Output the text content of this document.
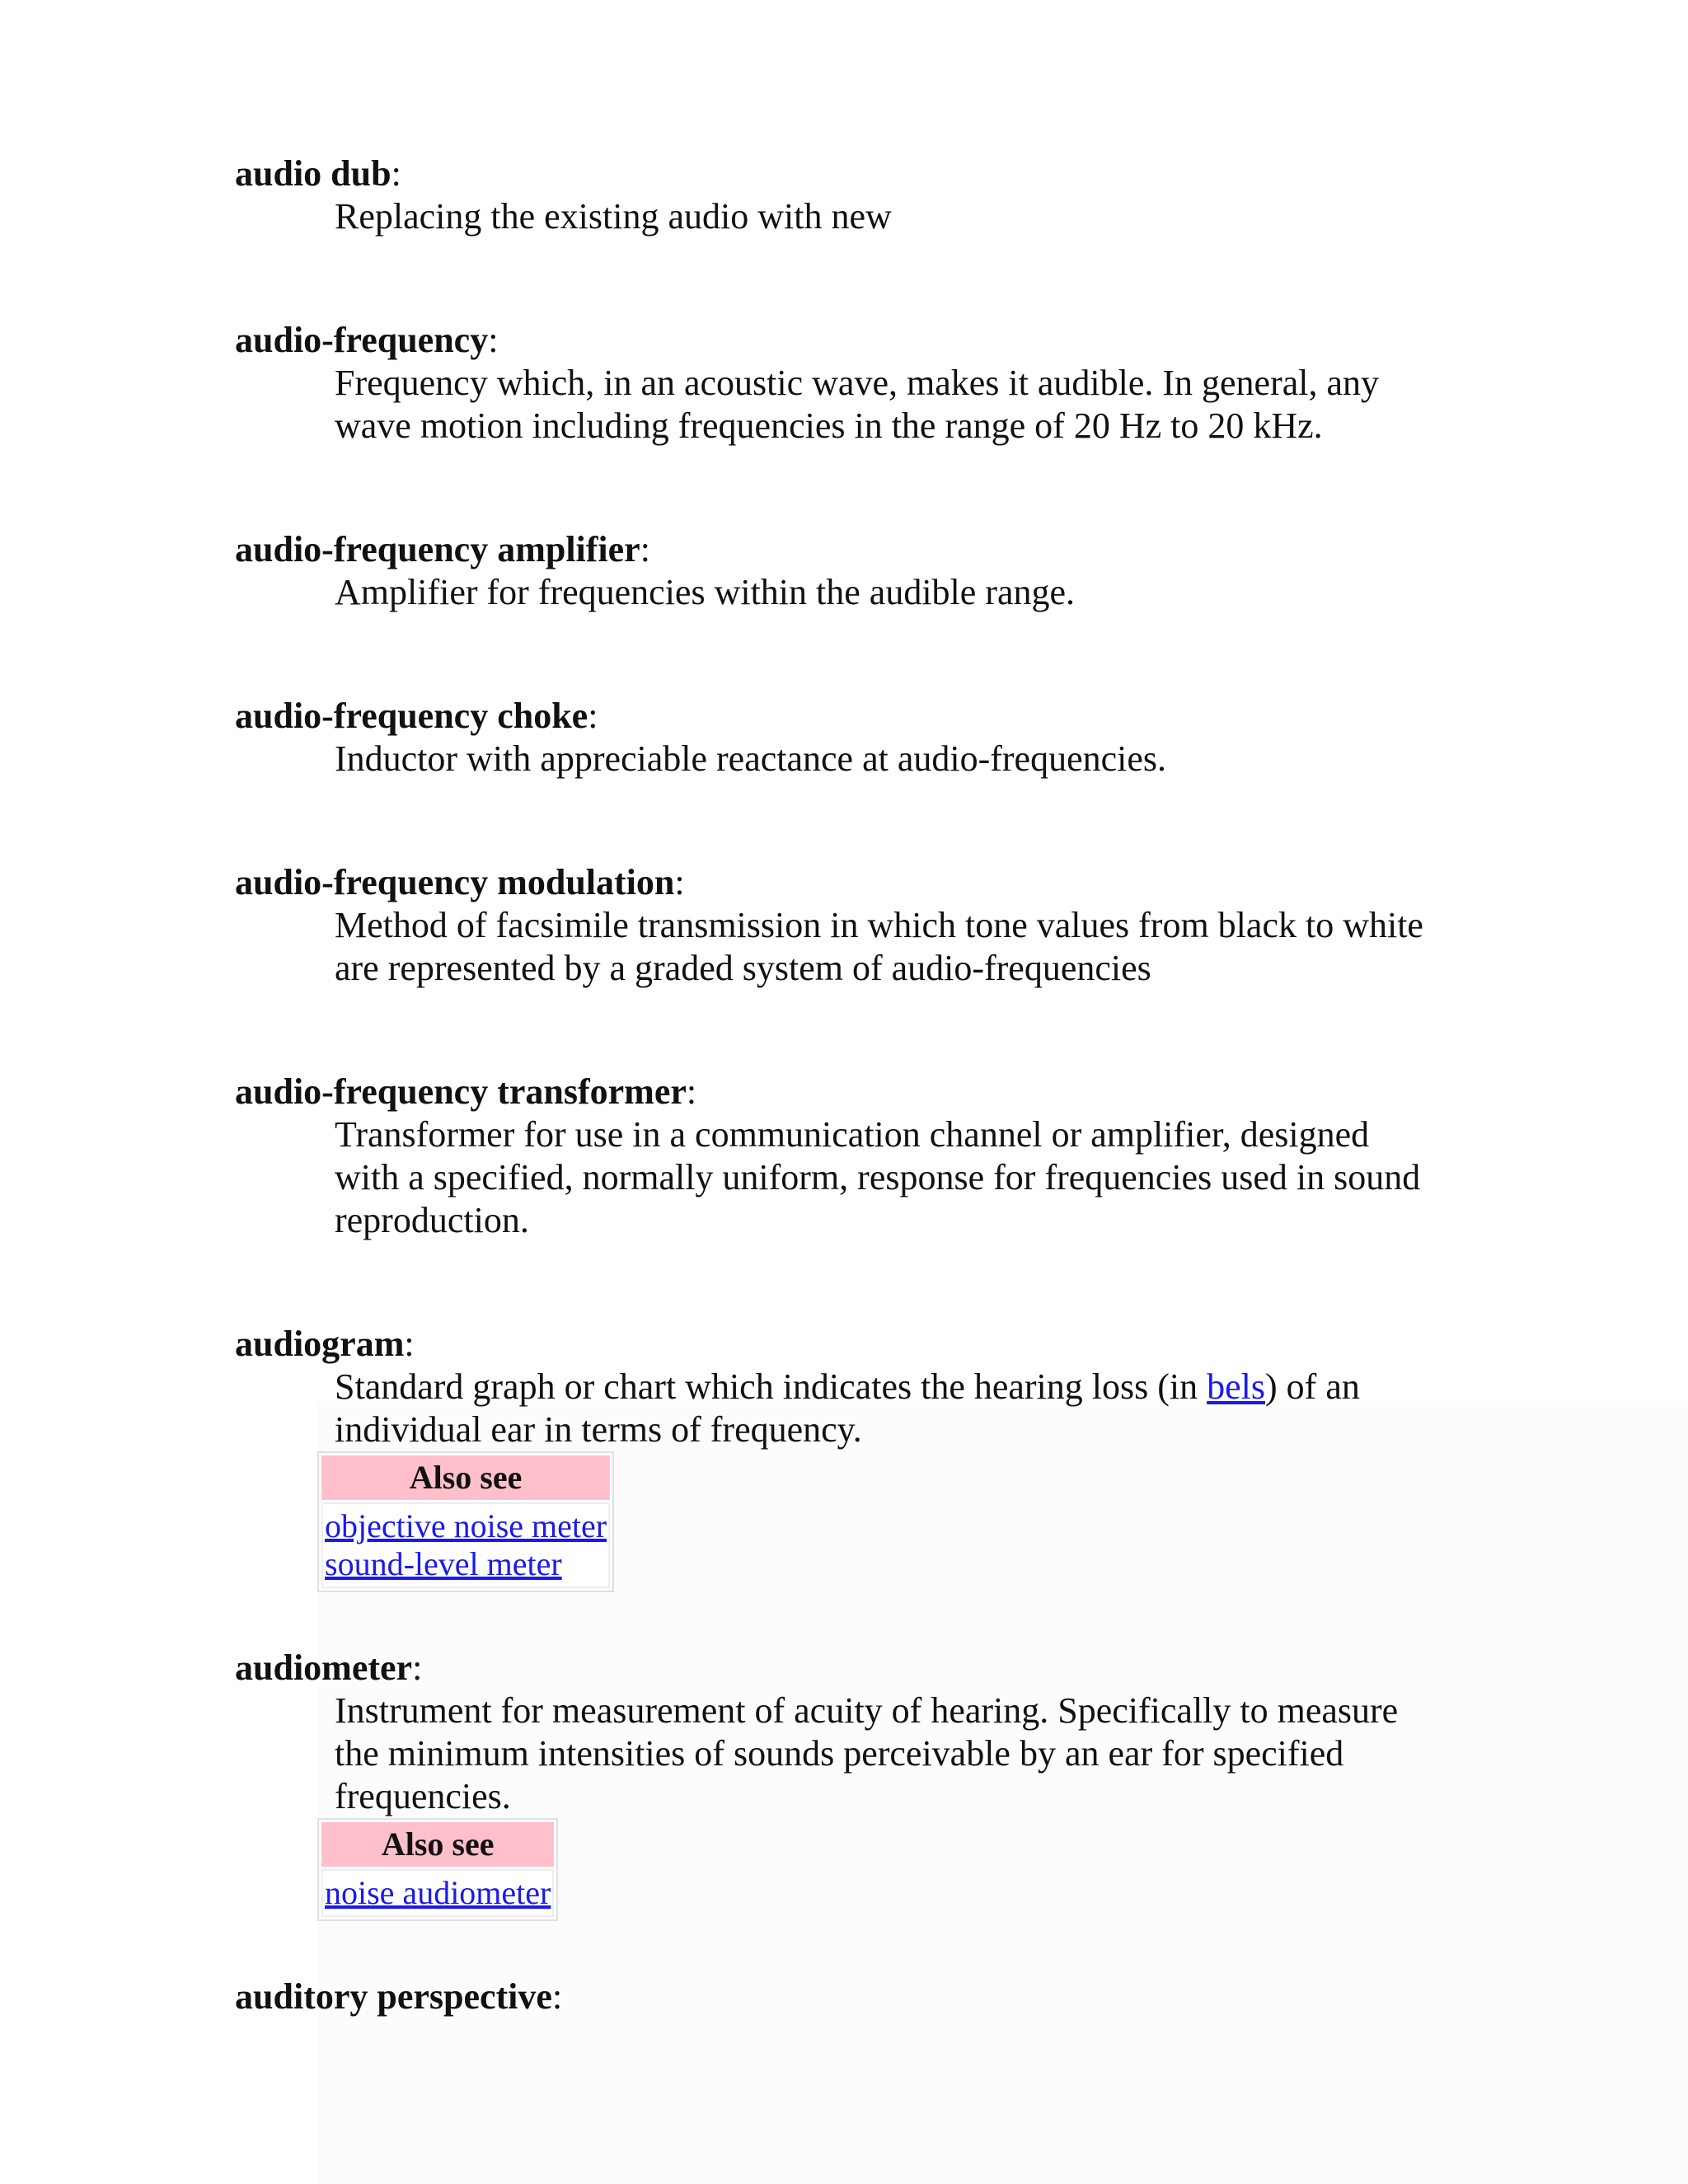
audio dub:
Replacing the existing audio with new
audio-frequency:
Frequency which, in an acoustic wave, makes it audible. In general, any
wave motion including frequencies in the range of 20 Hz to 20 kHz.
audio-frequency amplifier:
Amplifier for frequencies within the audible range.
audio-frequency choke:
Inductor with appreciable reactance at audio-frequencies.
audio-frequency modulation:
Method of facsimile transmission in which tone values from black to white
are represented by a graded system of audio-frequencies
audio-frequency transformer:
Transformer for use in a communication channel or amplifier, designed
with a specified, normally uniform, response for frequencies used in sound
reproduction.
audiogram:
Standard graph or chart which indicates the hearing loss (in bels) of an
individual ear in terms of frequency.
Also see

objective noise meter
sound-level meter
audiometer:
Instrument for measurement of acuity of hearing. Specifically to measure
the minimum intensities of sounds perceivable by an ear for specified
frequencies.
Also see

noise audiometer
auditory perspective:
